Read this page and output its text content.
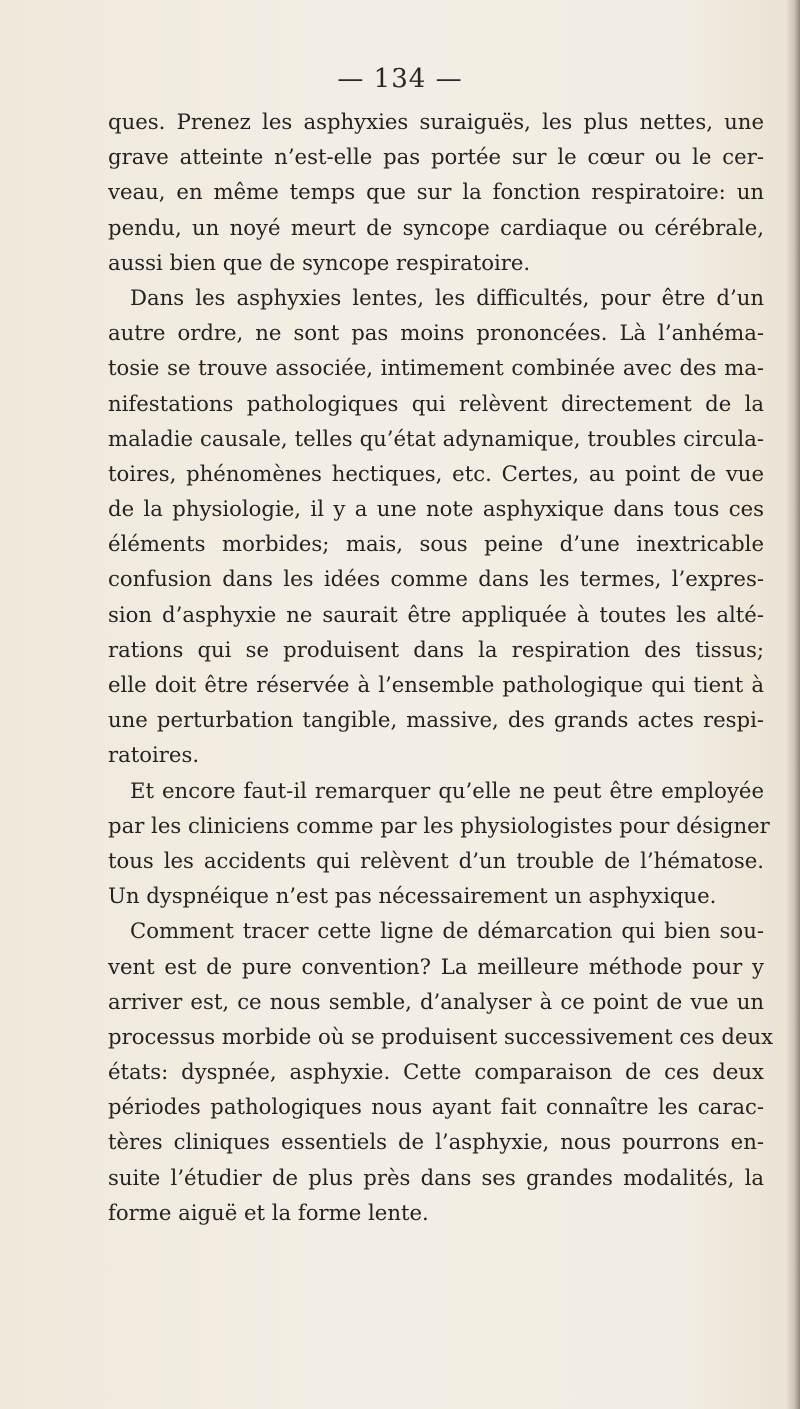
— 134 —
ques. Prenez les asphyxies suraiguës, les plus nettes, une
grave atteinte n’est-elle pas portée sur le cœur ou le cer-
veau, en même temps que sur la fonction respiratoire: un
pendu, un noyé meurt de syncope cardiaque ou cérébrale,
aussi bien que de syncope respiratoire.
Dans les asphyxies lentes, les difficultés, pour être d’un
autre ordre, ne sont pas moins prononcées. Là l’anhéma-
tosie se trouve associée, intimement combinée avec des ma-
nifestations pathologiques qui relèvent directement de la
maladie causale, telles qu’état adynamique, troubles circula-
toires, phénomènes hectiques, etc. Certes, au point de vue
de la physiologie, il y a une note asphyxique dans tous ces
éléments morbides; mais, sous peine d’une inextricable
confusion dans les idées comme dans les termes, l’expres-
sion d’asphyxie ne saurait être appliquée à toutes les alté-
rations qui se produisent dans la respiration des tissus;
elle doit être réservée à l’ensemble pathologique qui tient à
une perturbation tangible, massive, des grands actes respi-
ratoires.
Et encore faut-il remarquer qu’elle ne peut être employée
par les cliniciens comme par les physiologistes pour désigner
tous les accidents qui relèvent d’un trouble de l’hématose.
Un dyspnéique n’est pas nécessairement un asphyxique.
Comment tracer cette ligne de démarcation qui bien sou-
vent est de pure convention? La meilleure méthode pour y
arriver est, ce nous semble, d’analyser à ce point de vue un
processus morbide où se produisent successivement ces deux
états: dyspnée, asphyxie. Cette comparaison de ces deux
périodes pathologiques nous ayant fait connaître les carac-
tères cliniques essentiels de l’asphyxie, nous pourrons en-
suite l’étudier de plus près dans ses grandes modalités, la
forme aiguë et la forme lente.
